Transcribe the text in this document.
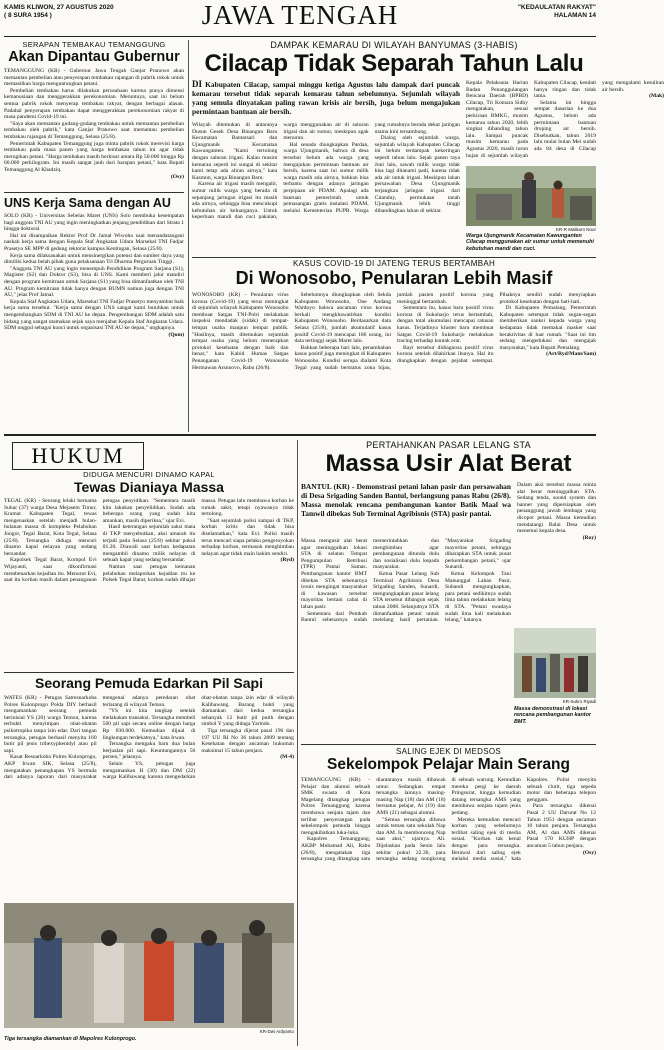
KAMIS KLIWON, 27 AGUSTUS 2020
( 8 SURA 1954 )	JAWA TENGAH	"KEDAULATAN RAKYAT"
HALAMAN 14
SERAPAN TEMBAKAU TEMANGGUNG
Akan Dipantau Gubernur

TEMANGGUNG (KR) - Gubernur Jawa Tengah Ganjar Pranowo akan memantau pembelian atau penyerapan tembakau rajangan di pabrik rokok untuk memastikan harga menguntungkan petani.

Pembelian tembakau harus dilakukan perusahaan karena punya dimensi kemanusiaan dan menggerakkan perekonomian. Meruntuya, saat ini belum semua pabrik rokok menyerap tembakau rakyat, dengan berbagai alasan. Padahal penyerapan tembakau dapat menggerakkan perekonomian rakyat di masa pandemi Covid-19 ini.

"Saya akan memantau gudang-gudang tembakau untuk memantau pembelian tembakau oleh pabrik," kata Ganjar Pranowo saat memantau pembelian tembakau rajangan di Temanggung, Selasa (25/8).

Pemerintah Kabupaten Temanggung juga minta pabrik rokok merevisi harga tembakau pada masa panen yang harga tembakau tahun ini agar tidak merugikan petani. "Harga tembakau masih berkisar antara Rp 50.000 hingga Rp 60.000 perkilogram. Ini masih sangat jauh dari harapan petani," kata Bupati Temanggung Al Khadziq.

(Osy)

UNS Kerja Sama dengan AU

SOLO (KR) - Universitas Sebelas Maret (UNS) Solo membuka kesempatan bagi anggota TNI AU yang ingin meningkatkan jenjang pendidikan dari Strata 1 hingga doktoral.

Hal ini disampaikan Rektor Prof Dr Jamal Wiwoho usai menandatangani naskah kerja sama dengan Kepala Staf Angkatan Udara Marsekal TNI Fadjar Prasetyo SE MPP di gedung rektorat kampus Kentingan, Selasa (25/8).

Kerja sama dilaksanakan untuk mensinergikan potensi dan sumber daya yang dimiliki kedua belah pihak guna pelaksanaan Tri Dharma Perguruan Tinggi.

"Anggota TNI AU yang ingin menempuh Pendidikan Program Sarjana (S1), Magister (S2) dan Doktor (S3), bisa di UNS. Kami memberi jalur mandiri dengan program kemitraan untuk Sarjana (S1) yang bisa dimanfaatkan oleh TNI AU. Program kemitraan tidak hanya dengan BUMN namun juga dengan TNI AU," jelas Prof Jamal.

Kepala Staf Angkatan Udara, Marsekal TNI Fadjar Prasetyo menyambut baik kerja sama tersebut. "Kerja sama dengan UNS sangat kami butuhkan untuk mengembangkan SDM di TNI AU ke depan. Pengembangan SDM adalah satu bidang yang sangat utamakan sejak saya menjabat Kepala Staf Angkatan Udara. SDM unggul sebagai kunci untuk organisasi TNI AU ke depan," ungkapnya.

(Qom)

DAMPAK KEMARAU DI WILAYAH BANYUMAS (3-HABIS)
Cilacap Tidak Separah Tahun Lalu
DI Kabupaten Cilacap, sampai minggu ketiga Agustus lalu dampak dari puncak kemarau tersebut tidak separah kemarau tahun sebelumnya. Sejumlah wilayah yang semula dinyatakan paling rawan krisis air bersih, juga belum mengajukan permintaan bantuan air bersih.

Wilayah ditemukan di antaranya Dusun Gesek Desa Binangun Baru Kecamatan Bantarsari dan Ujungmanik Kecamatan Kawunganten. "Kami tertolong dengan saluran irigasi. Kalau musim kemarau seperti ini sungai di sekitar kami tetap ada aliran airnya," kata Kasmun, warga Binangun Baru.

Karena air irigasi masih mengalir, sumur milik warga yang berada di sepanjang jaringan irigasi itu masih ada airnya, sehingga bisa mencukupi kebutuhan air keluarganya. Untuk keperluan mandi dan cuci pakaian, warga menggunakan air di saluran irigasi dan air sumur, meskipun agak menurun.

Hal senada diungkapkan Pardan, warga Ujungmanik, bahwa di desa tersebut belum ada warga yang mengajukan permintaan bantuan air bersih, karena saat ini sumur milik warga masih ada airnya, bahkan bisa terbantu dengan adanya jaringan perpipaan air PDAM. Apalagi ada bantuan pemerintah untuk pemasangan gratis instalasi PDAM, melalui Kementerian PUPR. Warga yang rumahnya berada dekat jaringan utama kini tersambung.

Dialog oleh sejumlah warga, sejumlah wilayah Kabupaten Cilacap ini belum terdampak kekeringan seperti tahun lalu. Sejak panen raya Juni lalu, sawah milik warga tidak bisa lagi ditanami padi, karena tidak ada air untuk irigasi. Meskipun lahan persawahan Desa Ujungmanik terjangkau jaringan irigasi dari Citanduy, permukaan tanah Ujungmanik lebih tinggi dibandingkan lahan di sekitar.

Kepala Pelaksana Harian Badan Penanggulangan Bencana Daerah (BPBD) Cilacap, Tri Komara Sidhy mengatakan, sesuai perkiraan BMKG, musim kemarau tahun 2020, lebih singkat dibanding tahun lalu. Sampai puncak musim kemarau pada Agustus 2020, masih turun hujan di sejumlah wilayah Kabupaten Cilacap, kendati hanya ringan dan tidak lama.

Selama ini hingga sempat dasarian ke dua Agustus, belum ada permintaan bantuan droping air bersih. Disebutkan, tahun 2019 lalu mulai bulan Mei sudah ada 84 desa di Cilacap yang mengalami kesulitan air bersih.

(Mak)

KR-R Malikum Noor
Warga Ujungmanik Kecamatan Kawunganten Cilacap menggunakan air sumur untuk memenuhi kebutuhan mandi dan cuci.
KASUS COVID-19 DI JATENG TERUS BERTAMBAH
Di Wonosobo, Penularan Lebih Masif

WONOSOBO (KR) - Penularan virus korona (Covid-19) yang terus meningkat di sejumlah wilayah Kabupaten Wonosobo membuat Satgas TNI-Polri melakukan inspeksi mendadak (sidak) di tempat-tempat usaha maupun tempat publik. "Hasilnya, masih ditemukan sejumlah tempat usaha yang belum menerapkan protokol kesehatan dengan baik dan benar," kata Kabid Humas Satgas Penanganan Covid-19 Wonosobo Hermawan Arsnnovo, Rabu (26/8).

Sebelumnya diungkapkan oleh Sekda Kabupaten Wonosobo, One Andang Wardoyo bahwa ancaman virus korona berkali mengkhawatirkan kondisi Kabupaten Wonosobo. Berdasarkan data Selasa (25/8), jumlah akumulatif kasus positif Covid-19 mencapai 186 orang, ini data tertinggi sejak Maret lalu.

Bahkan beberapa hari lalu, penambahan kasus positif juga meningkat di Kabupaten Wonosobo. Kondisi serupa dialami Kota Tegal yang sudah berstatus zona hijau, jumlah pasien positif korona yang meninggal bertambah.

Sementara itu, kasus baru positif virus korona di Sukoharjo terus bertambah, dengan total akumulasi mencapai ratusan kasus. Terjadinya kluster baru membuat Satgas Covid-19 Sukoharjo melakukan tracing terhadap kontak erat.

Bayi tersebut didiagnosa positif virus korona setelah dilahirkan ibunya. Hal itu diungkapkan dengan pejabat setempat. Pihaknya sendiri sudah menyiapkan protokol kesehatan dengan hati-hati.

Di Kabupaten Pemalang, Pemerintah Kabupaten setempat tidak segan-segan memberikan sanksi kepada warga yang kedapatan tidak memakai masker saat beraktivitas di luar rumah. "Saat ini tim sedang mengedukasi dan mengajak masyarakat," kata Bupati Pemalang.

(Art/Ryd/Mam/Sam)

HUKUM
DIDUGA MENCURI DINAMO KAPAL
Tewas Dianiaya Massa

TEGAL (KR) - Seorang lelaki bernama Suhar (37) warga Desa Mejasem Timur, Kramat Kabupaten Tegal, tewas mengenaskan setelah menjadi bulan-bulanan massa di kompleks Pelabuhan Jongor, Tegal Barat, Kota Tegal, Selasa (25/8). Tersangka diduga mencuri dinamo kapal nelayan yang sedang bersandar.

Kapolsek Tegal Barat, Kompol Evi Wijayanti, saat dikonfirmasi membenarkan kejadian itu. Menurut Evi, saat itu korban masih dalam penanganan petugas penyidikan. "Sementara masih kita lakukan penyelidikan. Sudah ada beberapa orang yang sudah kita amankan, masih diperiksa," ujar Evi.

Hasil keterangan sejumlah saksi mata di TKP menyebutkan, aksi amarah itu terjadi pada Selasa (25/8) sekitar pukul 01.20. Diawali saat korban kedapatan mengambil dinamo milik nelayan di sebuah kapal yang sedang bersandar.

Namun saat petugas kemanan pelabuhan melaporkan kejadian itu ke Polsek Tegal Barat, korban sudah dihajar massa. Petugas lalu membawa korban ke rumah sakit, tetapi nyawanya tidak tertolong.

"Saat sejumlah polisi sampai di TKP, korban kritis dan tidak bisa diselamatkan," kata Evi. Polisi masih terus mencari siapa pelaku pengeroyokan terhadap korban, termasuk menghimbau nelayan agar tidak main hakim sendiri.

(Ryd)

Seorang Pemuda Edarkan Pil Sapi

WATES (KR) - Petugas Satresnarkoba Polres Kulonprogo Polda DIY berhasil mengamankan seorang pemuda berinisial YS (20) warga Temon, karena terbukti menyimpan obat-obatan psikotropika tanpa izin edar. Dari tangan tersangka, petugas berhasil menyita 160 butir pil jenis trihexyphenidyl atau pil sapi.

Kasat Resnarkoba Polres Kulonprogo, AKP Irwan SIK, Selasa (25/8), mengatakan penangkapan YS bermula dari adanya laporan dari masyarakat mengenai adanya peredaran obat terlarang di wilayah Temon.

"YS ini kita tangkap setelah melakukan transaksi. Tersangka membeli 500 pil sapi secara online dengan harga Rp 830.000. Kemudian dijual di lingkungan terdekatnya," kata Irwan.

Tersangka mengaku baru dua bulan berjualan pil sapi. Keuntungannya 50 persen," jelasnya.

Selain YS, petugas juga mengamankan H (30) dan DM (22) warga Kalibawang karena mengedarkan obat-obatan tanpa izin edar di wilayah Kalibawang. Barang bukti yang diamankan dari kedua tersangka sebanyak 12 butir pil putih dengan simbol Y yang diduga Yarindo.

Tiga tersangka dijerat pasal 196 dan 197 UU RI No 36 tahun 2009 tentang Kesehatan dengan ancaman hukuman maksimal 15 tahun penjara.

(M-4)

KR-Dwi Ardyanto
Tiga tersangka diamankan di Mapolres Kulonprogo.
PERTAHANKAN PASAR LELANG STA
Massa Usir Alat Berat
BANTUL (KR) - Demonstrasi petani lahan pasir dan persawahan di Desa Srigading Sanden Bantul, berlangsung panas Rabu (26/8). Massa menolak rencana pembangunan kantor Batik Maal wa Tamwil dibekas Sub Terminal Agribisnis (STA) pasir pantai.

Massa mengusir alat berat agar meninggalkan lokasi STA di selatan Tempat Pengumpulan Retribusi (TPR) Pantai Samas. Pembangunan kantor BMT dibekas STA sebenarnya ironis mengingat masyarakat di kawasan tersebut mayoritas bertani cabai di lahan pasir.

Sementara dari Pemkab Bantul sebenarnya sudah memerintahkan dan menghimbau agar pembangunan ditunda dulu dan sosialisasi dulu kepada masyarakat.

Ketua Pasar Lelang Sub Terminal Agribisnis Desa Srigading Sanden, Sunardi, mengungkapkan pasar lelang STA tersebut dibangun sejak tahun 2008. Selanjutnya STA dimanfaatkan petani untuk melelang hasil pertanian. "Masyarakat Srigading mayoritas petani, sehingga diharapkan STA untuk pusat perkembangan petani," ujar Sunardi.

Ketua Kelompok Tani Manunggal Lahan Pasir, Subandi mengungkapkan, para petani sedikitnya sudah lima tahun melakukan lelang di STA. "Petani swadaya sudah lima kali melakukan lelang," katanya.

Dalam aksi tersebut massa minta alat berat meninggalkan STA. Sedang tenda, sound system dan banner yang dipersiapkan oleh penanggung jawab lembaga yang dicopot petani. Massa kemudian mendatangi Balai Desa untuk menemui kepala desa.

(Roy)

KR-Sukro Riyadi
Massa demonstrasi di lokasi rencana pembangunan kantor BMT.
SALING EJEK DI MEDSOS
Sekelompok Pelajar Main Serang

TEMANGGUNG (KR) - Pelajar dan alumni sebuah SMK swasta di Kota Magelang ditangkap petugas Polres Temanggung karena membawa senjata tajam dan terlibat penyerangan pada sekelompok pemuda hingga mengakibatkan luka-luka.

Kapolres Temanggung, AKBP Muhamad Ali, Rabu (26/8), mengatakan tiga tersangka yang ditangkap satu diantaranya masih dibawah umur. Sedangkan empat tersangka lainnya masing-masing Nap (18) dan AM (18) berstatus pelajar, Al (19) dan AMS (21) sebagai alumni.

"Semua tersangka dibawa untuk teman satu sekolah Nap dan AM. Ia membonceng Nap saat aksi," ujarnya. Ali. Dijelaskan pada Senin lalu sekitar pukul 22.30, para tersangka sedang nongkrong di sebuah warung. Kemudian mereka pergi ke daerah Pringsurat, hingga kemudian datang tersangka AMS yang membawa senjata tajam jenis pedang.

Mereka kemudian mencari korban yang sebelumnya terlibat saling ejek di media sosial. "Korban tak kenal dengan para tersangka. Berawal dari saling ejek melalui media sosial," kata Kapolres. Polisi menyita sebuah clurit, tiga sepeda motor dan beberapa telepon genggam.

Para tersangka dikenai Pasal 2 UU Darurat No 12 Tahun 1951 dengan ancaman 10 tahun penjara. Tersangka AM, Al dan AMS dikenai Pasal 170 KUHP dengan ancaman 5 tahun penjara.

(Osy)
